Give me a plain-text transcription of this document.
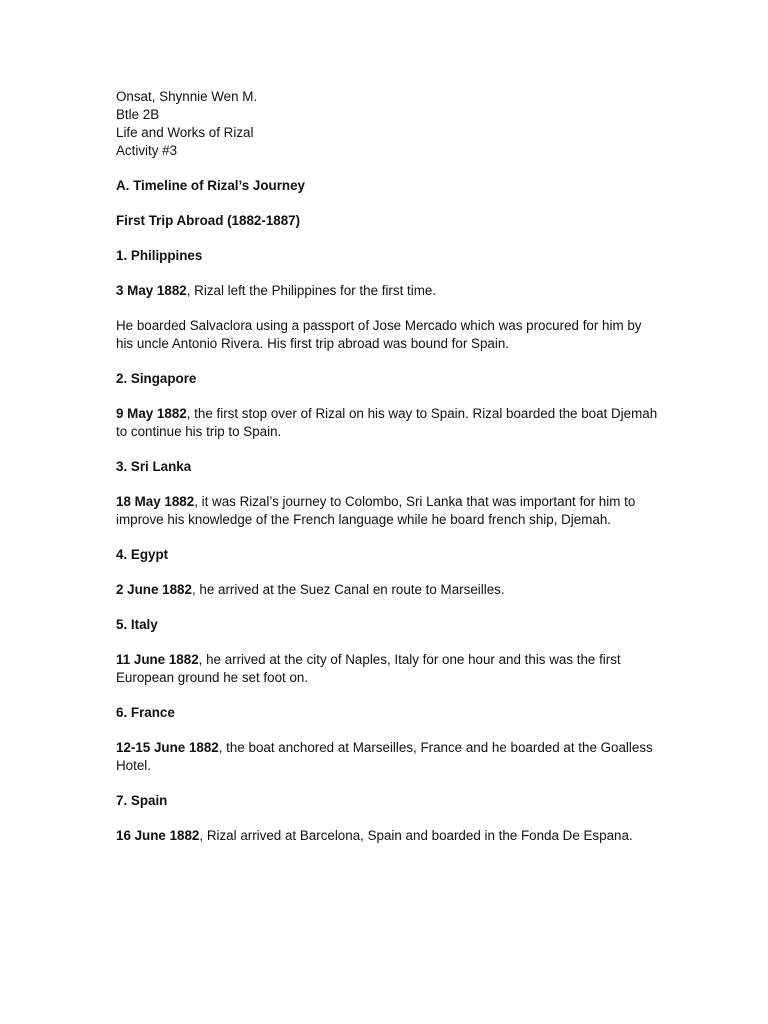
Onsat, Shynnie Wen M.

Btle 2B

Life and Works of Rizal

Activity #3

A. Timeline of Rizal’s Journey

First Trip Abroad (1882-1887)

1. Philippines

3 May 1882, Rizal left the Philippines for the first time.

He boarded Salvaclora using a passport of Jose Mercado which was procured for him by his uncle Antonio Rivera. His first trip abroad was bound for Spain.

2. Singapore

9 May 1882, the first stop over of Rizal on his way to Spain. Rizal boarded the boat Djemah to continue his trip to Spain.

3. Sri Lanka

18 May 1882, it was Rizal’s journey to Colombo, Sri Lanka that was important for him to improve his knowledge of the French language while he board french ship, Djemah.

4. Egypt

2 June 1882, he arrived at the Suez Canal en route to Marseilles.

5. Italy

11 June 1882, he arrived at the city of Naples, Italy for one hour and this was the first European ground he set foot on.

6. France

12-15 June 1882, the boat anchored at Marseilles, France and he boarded at the Goalless Hotel.

7. Spain

16 June 1882, Rizal arrived at Barcelona, Spain and boarded in the Fonda De Espana.
